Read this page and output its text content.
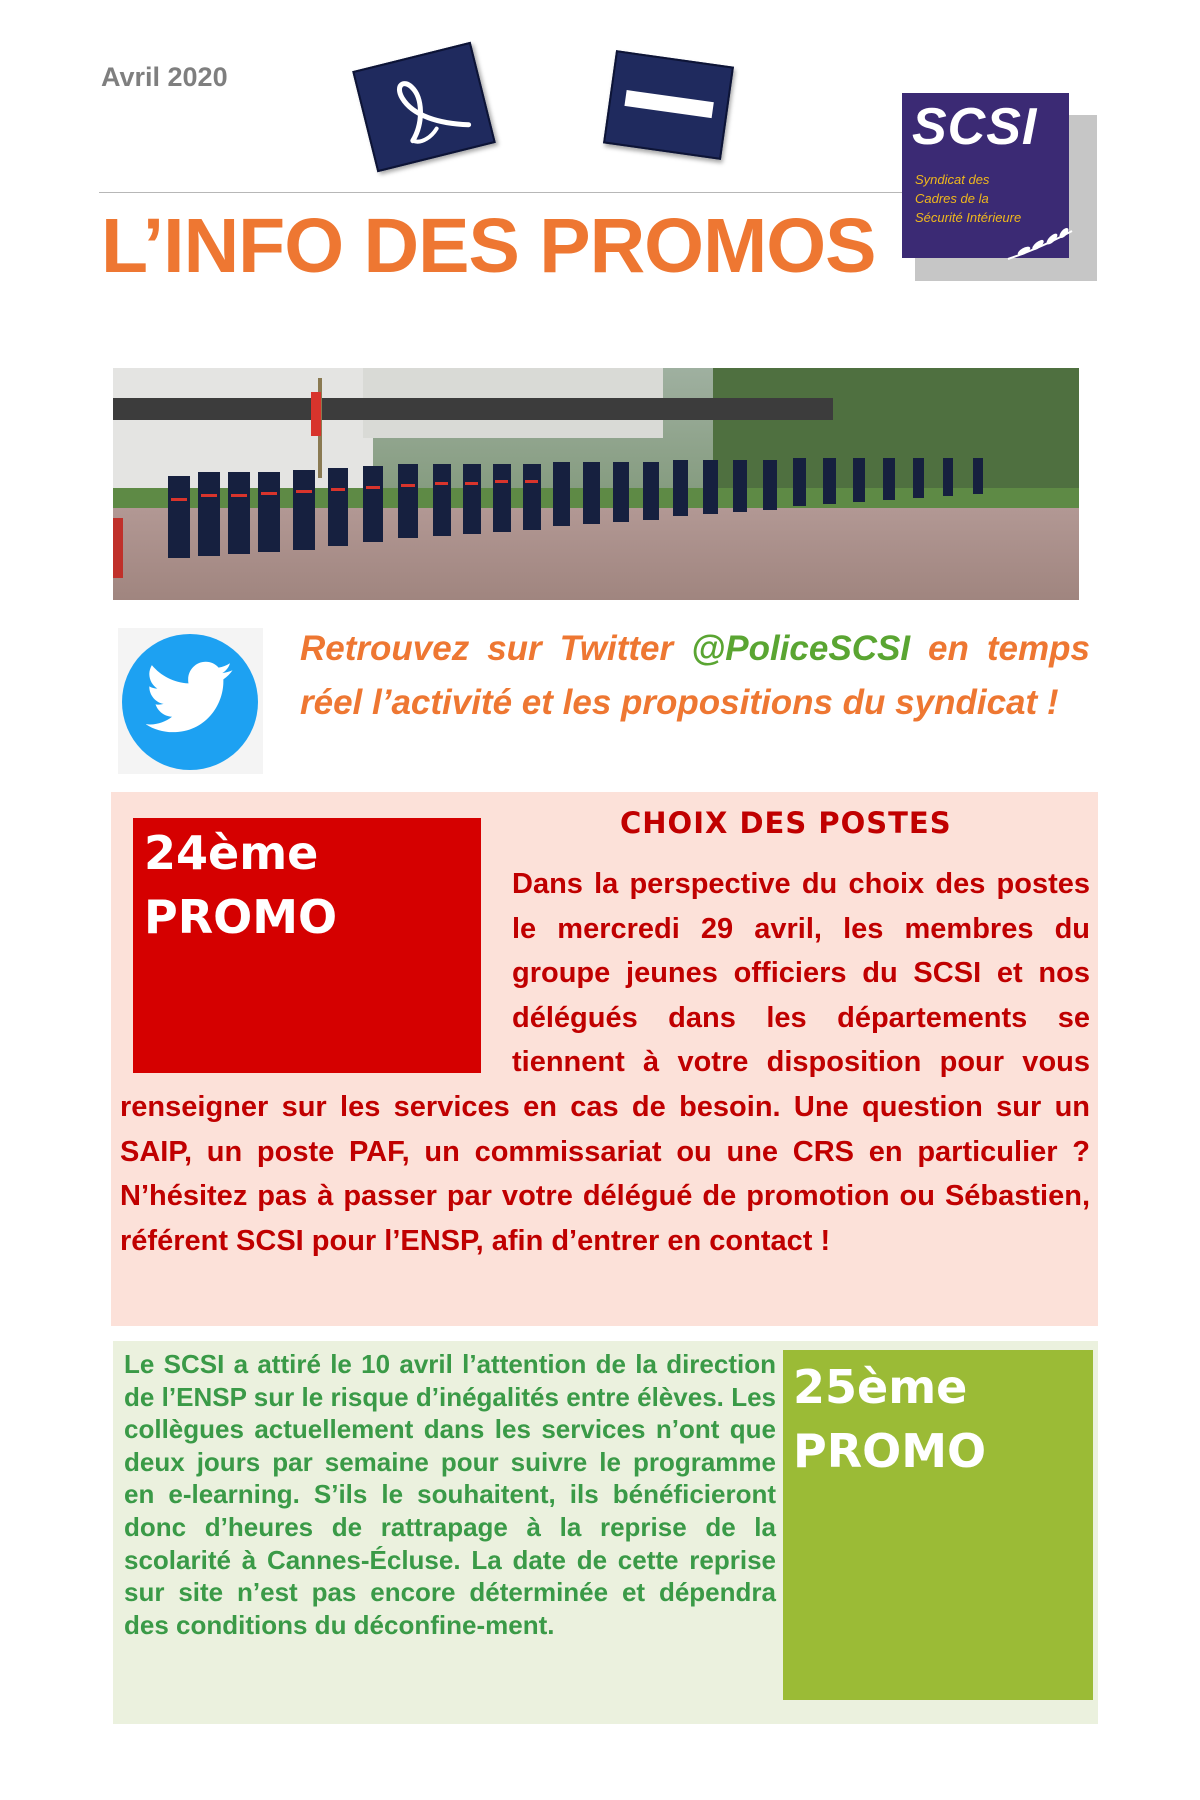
Avril 2020
L’INFO DES PROMOS
SCSI
Syndicat des Cadres de la Sécurité Intérieure
Retrouvez sur Twitter @PoliceSCSI en temps réel l’activité et les propositions du syndicat !
24ème
PROMO
CHOIX DES POSTES
Dans la perspective du choix des postes le mercredi 29 avril, les membres du groupe jeunes officiers du SCSI et nos délégués dans les départements se tiennent à votre disposition pour vous renseigner sur les services en cas de besoin. Une question sur un SAIP, un poste PAF, un commissariat ou une CRS en particulier ? N’hésitez pas à passer par votre délégué de promotion ou Sébastien, référent SCSI pour l’ENSP, afin d’entrer en contact !
25ème
PROMO
Le SCSI a attiré le 10 avril l’attention de la direction de l’ENSP sur le risque d’inégalités entre élèves. Les collègues actuellement dans les services n’ont que deux jours par semaine pour suivre le programme en e-learning. S’ils le souhaitent, ils bénéficieront donc d’heures de rattrapage à la reprise de la scolarité à Cannes-Écluse. La date de cette reprise sur site n’est pas encore déterminée et dépendra des conditions du déconfine-ment.
